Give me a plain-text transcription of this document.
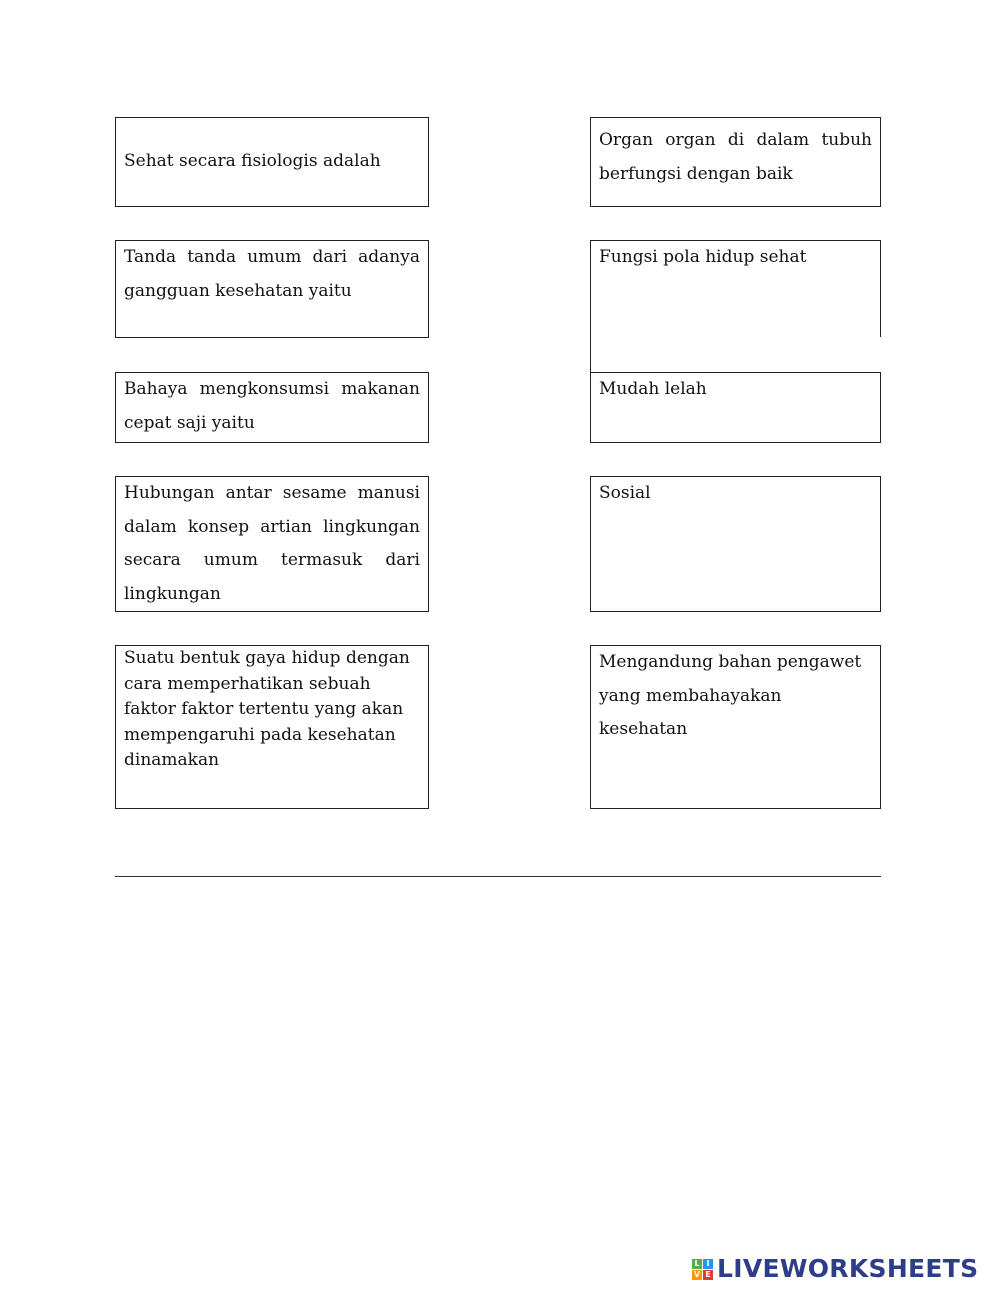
Sehat secara fisiologis adalah
Tanda tanda umum dari adanya gangguan kesehatan yaitu
Bahaya mengkonsumsi makanan cepat saji yaitu
Hubungan antar sesame manusi dalam konsep artian lingkungan secara umum termasuk dari lingkungan
Suatu bentuk gaya hidup dengan cara memperhatikan sebuah faktor faktor tertentu yang akan mempengaruhi pada kesehatan dinamakan
Organ organ di dalam tubuh berfungsi dengan baik
Fungsi pola hidup sehat
Mudah lelah
Sosial
Mengandung bahan pengawet yang membahayakan kesehatan
L I
V E LIVEWORKSHEETS
